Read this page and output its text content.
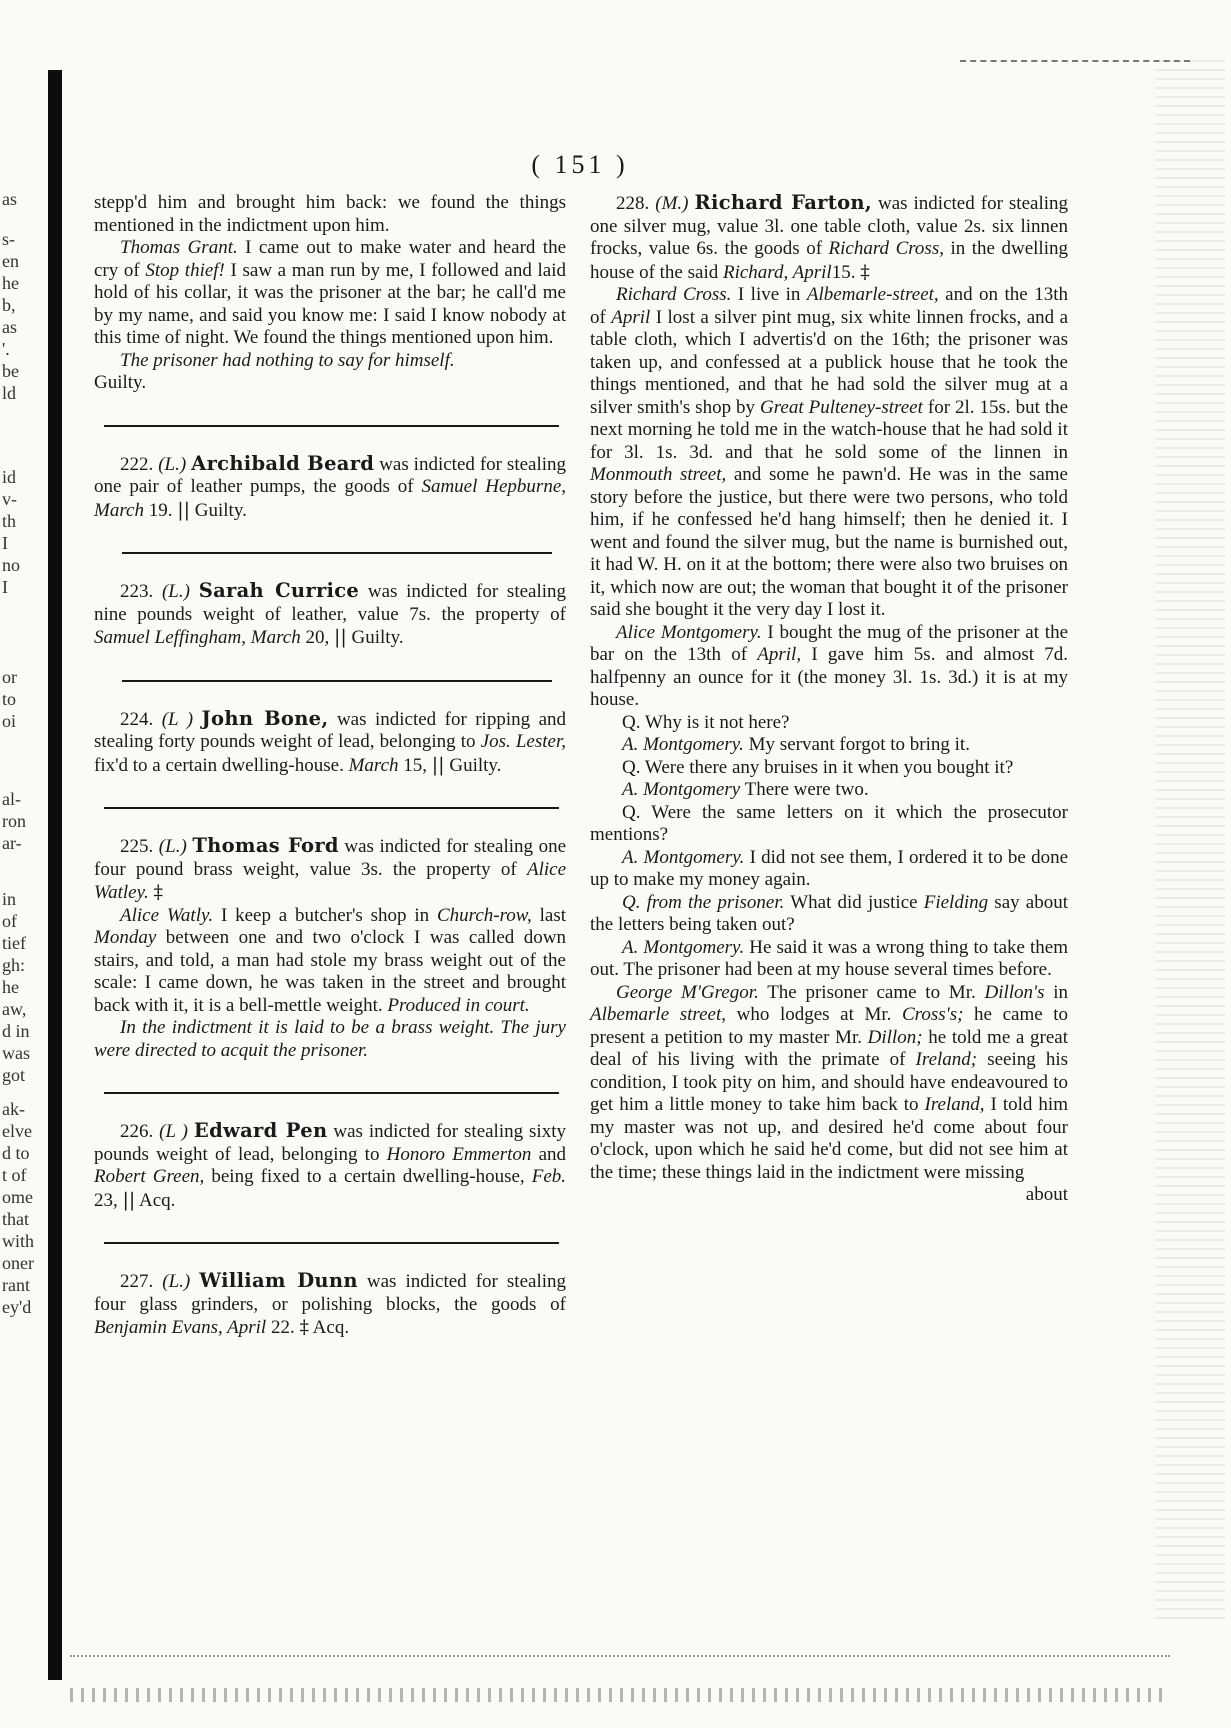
as
s-
en
he
b,
as
'.
be
ld
id
v-
th
I
no
I
or
to
oi
al-
ron
ar-
in
of
tief
gh:
he
aw,
d in
was
got
ak-
elve
d to
t of
ome
that
with
oner
rant
ey'd
( 151 )

stepp'd him and brought him back: we found the things mentioned in the indictment upon him.

Thomas Grant. I came out to make water and heard the cry of Stop thief! I saw a man run by me, I followed and laid hold of his collar, it was the prisoner at the bar; he call'd me by my name, and said you know me: I said I know nobody at this time of night. We found the things mentioned upon him.

The prisoner had nothing to say for himself.

Guilty.

222. (L.) Archibald Beard was indicted for stealing one pair of leather pumps, the goods of Samuel Hepburne, March 19. || Guilty.

223. (L.) Sarah Currice was indicted for stealing nine pounds weight of leather, value 7s. the property of Samuel Leffingham, March 20, || Guilty.

224. (L ) John Bone, was indicted for ripping and stealing forty pounds weight of lead, belonging to Jos. Lester, fix'd to a certain dwelling-house. March 15, || Guilty.

225. (L.) Thomas Ford was indicted for stealing one four pound brass weight, value 3s. the property of Alice Watley. ‡

Alice Watly. I keep a butcher's shop in Church-row, last Monday between one and two o'clock I was called down stairs, and told, a man had stole my brass weight out of the scale: I came down, he was taken in the street and brought back with it, it is a bell-mettle weight. Produced in court.

In the indictment it is laid to be a brass weight. The jury were directed to acquit the prisoner.

226. (L ) Edward Pen was indicted for stealing sixty pounds weight of lead, belonging to Honoro Emmerton and Robert Green, being fixed to a certain dwelling-house, Feb. 23, || Acq.

227. (L.) William Dunn was indicted for stealing four glass grinders, or polishing blocks, the goods of Benjamin Evans, April 22. ‡ Acq.

228. (M.) Richard Farton, was indicted for stealing one silver mug, value 3l. one table cloth, value 2s. six linnen frocks, value 6s. the goods of Richard Cross, in the dwelling house of the said Richard, April15. ‡

Richard Cross. I live in Albemarle-street, and on the 13th of April I lost a silver pint mug, six white linnen frocks, and a table cloth, which I advertis'd on the 16th; the prisoner was taken up, and confessed at a publick house that he took the things mentioned, and that he had sold the silver mug at a silver smith's shop by Great Pulteney-street for 2l. 15s. but the next morning he told me in the watch-house that he had sold it for 3l. 1s. 3d. and that he sold some of the linnen in Monmouth street, and some he pawn'd. He was in the same story before the justice, but there were two persons, who told him, if he confessed he'd hang himself; then he denied it. I went and found the silver mug, but the name is burnished out, it had W. H. on it at the bottom; there were also two bruises on it, which now are out; the woman that bought it of the prisoner said she bought it the very day I lost it.

Alice Montgomery. I bought the mug of the prisoner at the bar on the 13th of April, I gave him 5s. and almost 7d. halfpenny an ounce for it (the money 3l. 1s. 3d.) it is at my house.

Q. Why is it not here?

A. Montgomery. My servant forgot to bring it.

Q. Were there any bruises in it when you bought it?

A. Montgomery There were two.

Q. Were the same letters on it which the prosecutor mentions?

A. Montgomery. I did not see them, I ordered it to be done up to make my money again.

Q. from the prisoner. What did justice Fielding say about the letters being taken out?

A. Montgomery. He said it was a wrong thing to take them out. The prisoner had been at my house several times before.

George M'Gregor. The prisoner came to Mr. Dillon's in Albemarle street, who lodges at Mr. Cross's; he came to present a petition to my master Mr. Dillon; he told me a great deal of his living with the primate of Ireland; seeing his condition, I took pity on him, and should have endeavoured to get him a little money to take him back to Ireland, I told him my master was not up, and desired he'd come about four o'clock, upon which he said he'd come, but did not see him at the time; these things laid in the indictment were missing

about
